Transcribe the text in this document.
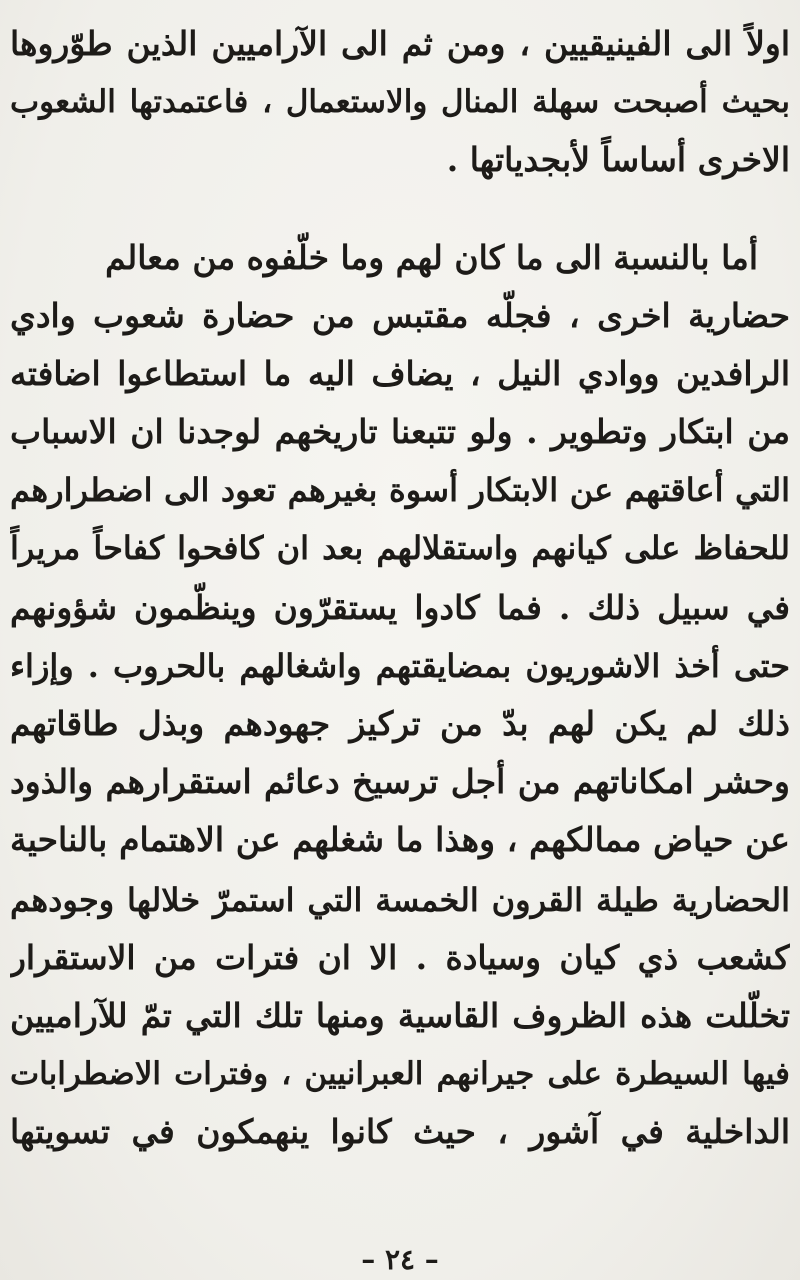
اولاً الى الفينيقيين ، ومن ثم الى الآراميين الذين طوّروها
بحيث أصبحت سهلة المنال والاستعمال ، فاعتمدتها الشعوب
الاخرى أساساً لأبجدياتها .
أما بالنسبة الى ما كان لهم وما خلّفوه من معالم
حضارية اخرى ، فجلّه مقتبس من حضارة شعوب وادي
الرافدين ووادي النيل ، يضاف اليه ما استطاعوا اضافته
من ابتكار وتطوير . ولو تتبعنا تاريخهم لوجدنا ان الاسباب
التي أعاقتهم عن الابتكار أسوة بغيرهم تعود الى اضطرارهم
للحفاظ على كيانهم واستقلالهم بعد ان كافحوا كفاحاً مريراً
في سبيل ذلك . فما كادوا يستقرّون وينظّمون شؤونهم
حتى أخذ الاشوريون بمضايقتهم واشغالهم بالحروب . وإزاء
ذلك لم يكن لهم بدّ من تركيز جهودهم وبذل طاقاتهم
وحشر امكاناتهم من أجل ترسيخ دعائم استقرارهم والذود
عن حياض ممالكهم ، وهذا ما شغلهم عن الاهتمام بالناحية
الحضارية طيلة القرون الخمسة التي استمرّ خلالها وجودهم
كشعب ذي كيان وسيادة . الا ان فترات من الاستقرار
تخلّلت هذه الظروف القاسية ومنها تلك التي تمّ للآراميين
فيها السيطرة على جيرانهم العبرانيين ، وفترات الاضطرابات
الداخلية في آشور ، حيث كانوا ينهمكون في تسويتها
– ٢٤ –
